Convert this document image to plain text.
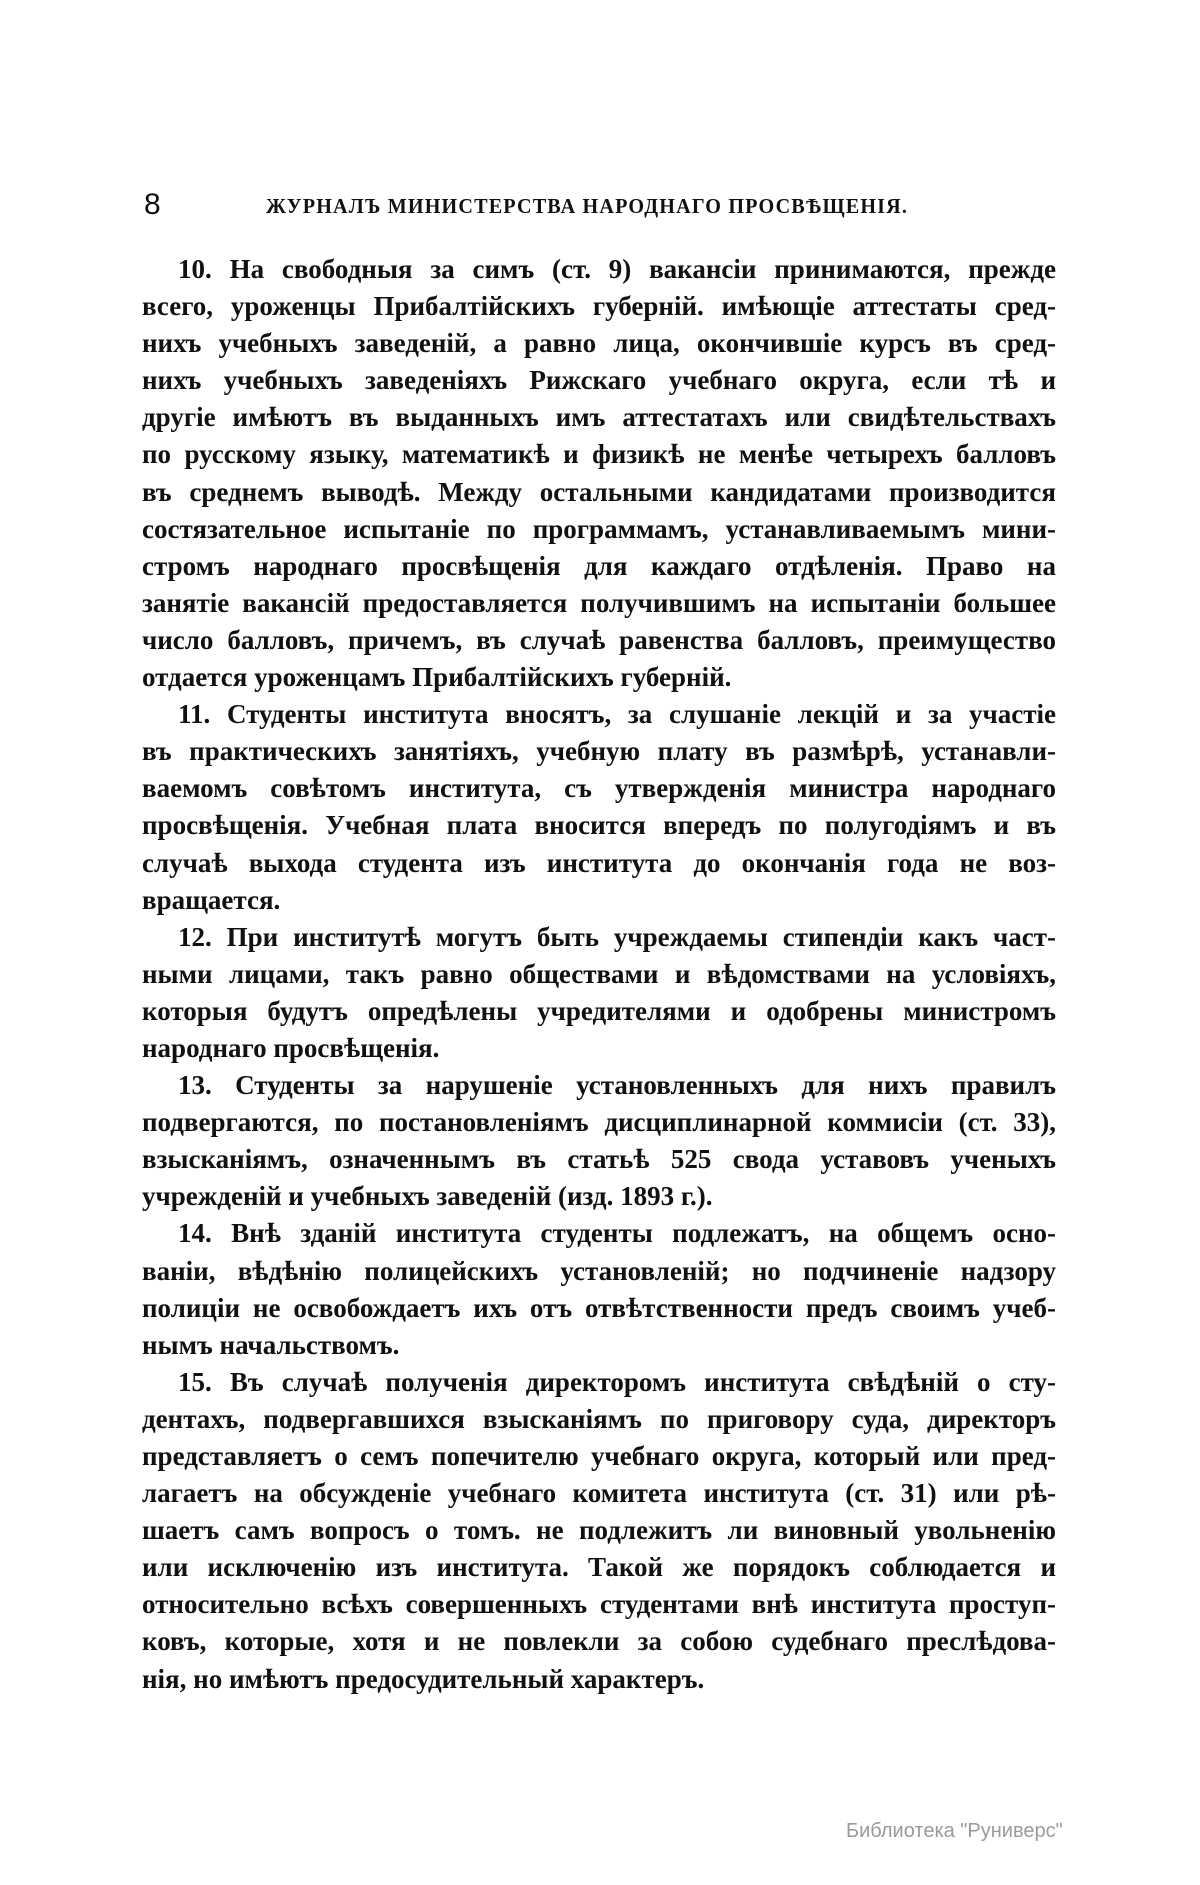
8	ЖУРНАЛЪ МИНИСТЕРСТВА НАРОДНАГО ПРОСВѢЩЕНІЯ.
10. На свободныя за симъ (ст. 9) вакансіи принимаются, прежде
всего, уроженцы Прибалтійскихъ губерній. имѣющіе аттестаты сред-
нихъ учебныхъ заведеній, а равно лица, окончившіе курсъ въ сред-
нихъ учебныхъ заведеніяхъ Рижскаго учебнаго округа, если тѣ и
другіе имѣютъ въ выданныхъ имъ аттестатахъ или свидѣтельствахъ
по русскому языку, математикѣ и физикѣ не менѣе четырехъ балловъ
въ среднемъ выводѣ. Между остальными кандидатами производится
состязательное испытаніе по программамъ, устанавливаемымъ мини-
стромъ народнаго просвѣщенія для каждаго отдѣленія. Право на
занятіе вакансій предоставляется получившимъ на испытаніи большее
число балловъ, причемъ, въ случаѣ равенства балловъ, преимущество
отдается уроженцамъ Прибалтійскихъ губерній.
11. Студенты института вносятъ, за слушаніе лекцій и за участіе
въ практическихъ занятіяхъ, учебную плату въ размѣрѣ, устанавли-
ваемомъ совѣтомъ института, съ утвержденія министра народнаго
просвѣщенія. Учебная плата вносится впередъ по полугодіямъ и въ
случаѣ выхода студента изъ института до окончанія года не воз-
вращается.
12. При институтѣ могутъ быть учреждаемы стипендіи какъ част-
ными лицами, такъ равно обществами и вѣдомствами на условіяхъ,
которыя будутъ опредѣлены учредителями и одобрены министромъ
народнаго просвѣщенія.
13. Студенты за нарушеніе установленныхъ для нихъ правилъ
подвергаются, по постановленіямъ дисциплинарной коммисіи (ст. 33),
взысканіямъ, означеннымъ въ статьѣ 525 свода уставовъ ученыхъ
учрежденій и учебныхъ заведеній (изд. 1893 г.).
14. Внѣ зданій института студенты подлежатъ, на общемъ осно-
ваніи, вѣдѣнію полицейскихъ установленій; но подчиненіе надзору
полиціи не освобождаетъ ихъ отъ отвѣтственности предъ своимъ учеб-
нымъ начальствомъ.
15. Въ случаѣ полученія директоромъ института свѣдѣній о сту-
дентахъ, подвергавшихся взысканіямъ по приговору суда, директоръ
представляетъ о семъ попечителю учебнаго округа, который или пред-
лагаетъ на обсужденіе учебнаго комитета института (ст. 31) или рѣ-
шаетъ самъ вопросъ о томъ. не подлежитъ ли виновный увольненію
или исключенію изъ института. Такой же порядокъ соблюдается и
относительно всѣхъ совершенныхъ студентами внѣ института проступ-
ковъ, которые, хотя и не повлекли за собою судебнаго преслѣдова-
нія, но имѣютъ предосудительный характеръ.
Библиотека "Руниверс"
